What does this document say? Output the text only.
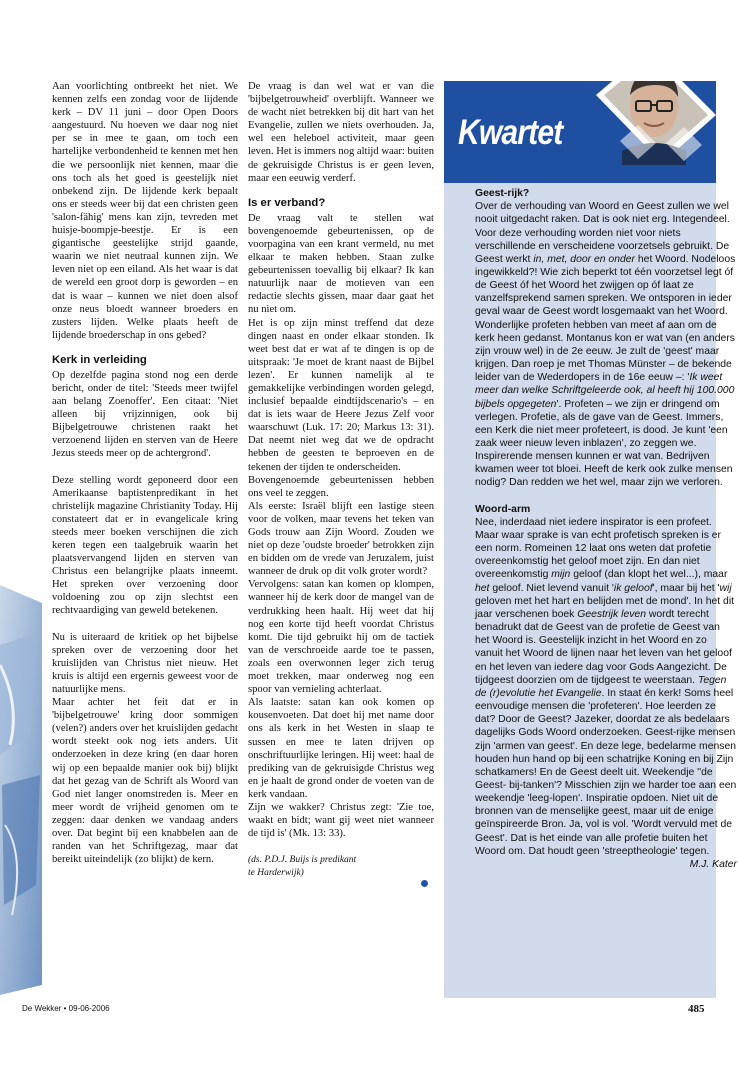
Aan voorlichting ontbreekt het niet. We kennen zelfs een zondag voor de lijdende kerk – DV 11 juni – door Open Doors aangestuurd. Nu hoeven we daar nog niet per se in mee te gaan, om toch een hartelijke verbondenheid te kennen met hen die we persoonlijk niet kennen, maar die ons toch als het goed is geestelijk niet onbekend zijn. De lijdende kerk bepaalt ons er steeds weer bij dat een christen geen 'salon-fähig' mens kan zijn, tevreden met huisje-boompje-beestje. Er is een gigantische geestelijke strijd gaande, waarin we niet neutraal kunnen zijn. We leven niet op een eiland. Als het waar is dat de wereld een groot dorp is geworden – en dat is waar – kunnen we niet doen alsof onze neus bloedt wanneer broeders en zusters lijden. Welke plaats heeft de lijdende broederschap in ons gebed?

Kerk in verleiding

Op dezelfde pagina stond nog een derde bericht, onder de titel: 'Steeds meer twijfel aan belang Zoenoffer'. Een citaat: 'Niet alleen bij vrijzinnigen, ook bij Bijbelgetrouwe christenen raakt het verzoenend lijden en sterven van de Heere Jezus steeds meer op de achtergrond'.

Deze stelling wordt geponeerd door een Amerikaanse baptistenpredikant in het christelijk magazine Christianity Today. Hij constateert dat er in evangelicale kring steeds meer boeken verschijnen die zich keren tegen een taalgebruik waarin het plaatsvervangend lijden en sterven van Christus een belangrijke plaats inneemt. Het spreken over verzoening door voldoening zou op zijn slechtst een rechtvaardiging van geweld betekenen.

Nu is uiteraard de kritiek op het bijbelse spreken over de verzoening door het kruislijden van Christus niet nieuw. Het kruis is altijd een ergernis geweest voor de natuurlijke mens.

Maar achter het feit dat er in 'bijbelgetrouwe' kring door sommigen (velen?) anders over het kruislijden gedacht wordt steekt ook nog iets anders. Uit onderzoeken in deze kring (en daar horen wij op een bepaalde manier ook bij) blijkt dat het gezag van de Schrift als Woord van God niet langer onomstreden is. Meer en meer wordt de vrijheid genomen om te zeggen: daar denken we vandaag anders over. Dat begint bij een knabbelen aan de randen van het Schriftgezag, maar dat bereikt uiteindelijk (zo blijkt) de kern.

De vraag is dan wel wat er van die 'bijbelgetrouwheid' overblijft. Wanneer we de wacht niet betrekken bij dit hart van het Evangelie, zullen we niets overhouden. Ja, wel een heleboel activiteit, maar geen leven. Het is immers nog altijd waar: buiten de gekruisigde Christus is er geen leven, maar een eeuwig verderf.

Is er verband?

De vraag valt te stellen wat bovengenoemde gebeurtenissen, op de voorpagina van een krant vermeld, nu met elkaar te maken hebben. Staan zulke gebeurtenissen toevallig bij elkaar? Ik kan natuurlijk naar de motieven van een redactie slechts gissen, maar daar gaat het nu niet om.

Het is op zijn minst treffend dat deze dingen naast en onder elkaar stonden. Ik weet best dat er wat af te dingen is op de uitspraak: 'Je moet de krant naast de Bijbel lezen'. Er kunnen namelijk al te gemakkelijke verbindingen worden gelegd, inclusief bepaalde eindtijdscenario's – en dat is iets waar de Heere Jezus Zelf voor waarschuwt (Luk. 17: 20; Markus 13: 31). Dat neemt niet weg dat we de opdracht hebben de geesten te beproeven en de tekenen der tijden te onderscheiden.

Bovengenoemde gebeurtenissen hebben ons veel te zeggen.

Als eerste: Israël blijft een lastige steen voor de volken, maar tevens het teken van Gods trouw aan Zijn Woord. Zouden we niet op deze 'oudste broeder' betrokken zijn en bidden om de vrede van Jeruzalem, juist wanneer de druk op dit volk groter wordt?

Vervolgens: satan kan komen op klompen, wanneer hij de kerk door de mangel van de verdrukking heen haalt. Hij weet dat hij nog een korte tijd heeft voordat Christus komt. Die tijd gebruikt hij om de tactiek van de verschroeide aarde toe te passen, zoals een overwonnen leger zich terug moet trekken, maar onderweg nog een spoor van vernieling achterlaat.

Als laatste: satan kan ook komen op kousenvoeten. Dat doet hij met name door ons als kerk in het Westen in slaap te sussen en mee te laten drijven op onschriftuurlijke leringen. Hij weet: haal de prediking van de gekruisigde Christus weg en je haalt de grond onder de voeten van de kerk vandaan.

Zijn we wakker? Christus zegt: 'Zie toe, waakt en bidt; want gij weet niet wanneer de tijd is' (Mk. 13: 33).

(ds. P.D.J. Buijs is predikant
te Harderwijk)

Kwartet
Geest-rijk?

Over de verhouding van Woord en Geest zullen we wel nooit uitgedacht raken. Dat is ook niet erg. Integendeel. Voor deze verhouding worden niet voor niets verschillende en verscheidene voorzetsels gebruikt. De Geest werkt in, met, door en onder het Woord. Nodeloos ingewikkeld?! Wie zich beperkt tot één voorzetsel legt óf de Geest óf het Woord het zwijgen op óf laat ze vanzelfsprekend samen spreken. We ontsporen in ieder geval waar de Geest wordt losgemaakt van het Woord. Wonderlijke profeten hebben van meet af aan om de kerk heen gedanst. Montanus kon er wat van (en anders zijn vrouw wel) in de 2e eeuw. Je zult de 'geest' maar krijgen. Dan roep je met Thomas Münster – de bekende leider van de Wederdopers in de 16e eeuw –: 'Ik weet meer dan welke Schriftgeleerde ook, al heeft hij 100.000 bijbels opgegeten'. Profeten – we zijn er dringend om verlegen. Profetie, als de gave van de Geest. Immers, een Kerk die niet meer profeteert, is dood. Je kunt 'een zaak weer nieuw leven inblazen', zo zeggen we. Inspirerende mensen kunnen er wat van. Bedrijven kwamen weer tot bloei. Heeft de kerk ook zulke mensen nodig? Dan redden we het wel, maar zijn we verloren.

Woord-arm

Nee, inderdaad niet iedere inspirator is een profeet. Maar waar sprake is van echt profetisch spreken is er een norm. Romeinen 12 laat ons weten dat profetie overeenkomstig het geloof moet zijn. En dan niet overeenkomstig mijn geloof (dan klopt het wel...), maar het geloof. Niet levend vanuit 'ik geloof', maar bij het 'wij geloven met het hart en belijden met de mond'. In het dit jaar verschenen boek Geestrijk leven wordt terecht benadrukt dat de Geest van de profetie de Geest van het Woord is. Geestelijk inzicht in het Woord en zo vanuit het Woord de lijnen naar het leven van het geloof en het leven van iedere dag voor Gods Aangezicht. De tijdgeest doorzien om de tijdgeest te weerstaan. Tegen de (r)evolutie het Evangelie. In staat én kerk! Soms heel eenvoudige mensen die 'profeteren'. Hoe leerden ze dat? Door de Geest? Jazeker, doordat ze als bedelaars dagelijks Gods Woord onderzoeken. Geest-rijke mensen zijn 'armen van geest'. En deze lege, bedelarme mensen houden hun hand op bij een schatrijke Koning en bij Zijn schatkamers! En de Geest deelt uit. Weekendje ''de Geest- bij-tanken'? Misschien zijn we harder toe aan een weekendje 'leeg-lopen'. Inspiratie opdoen. Niet uit de bronnen van de menselijke geest, maar uit de enige geïnspireerde Bron. Ja, vol is vol. 'Wordt vervuld met de Geest'. Dat is het einde van alle profetie buiten het Woord om. Dat houdt geen 'streeptheologie' tegen.
M.J. Kater

De Wekker • 09-06-2006	485
